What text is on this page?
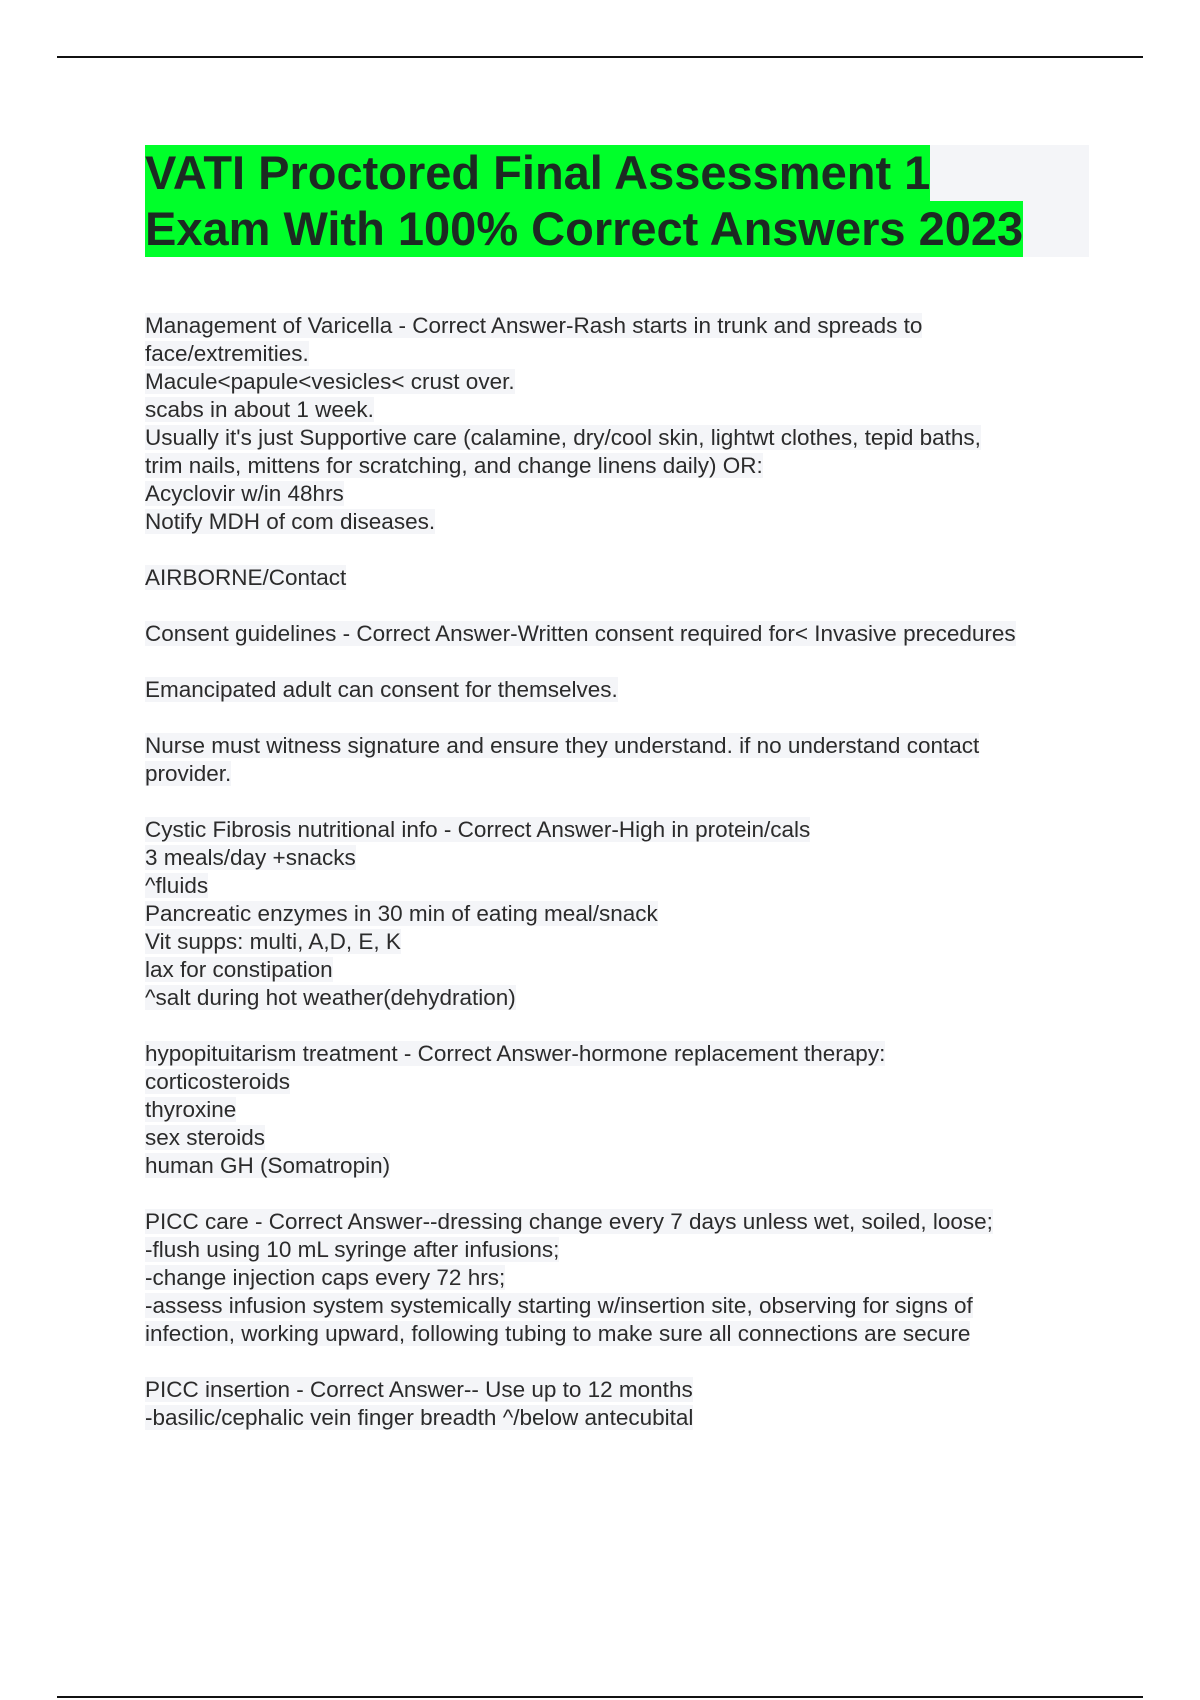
VATI Proctored Final Assessment 1
Exam With 100% Correct Answers 2023
Management of Varicella - Correct Answer-Rash starts in trunk and spreads to
face/extremities.
Macule<papule<vesicles< crust over.
scabs in about 1 week.
Usually it's just Supportive care (calamine, dry/cool skin, lightwt clothes, tepid baths,
trim nails, mittens for scratching, and change linens daily) OR:
Acyclovir w/in 48hrs
Notify MDH of com diseases.
AIRBORNE/Contact
Consent guidelines - Correct Answer-Written consent required for< Invasive precedures
Emancipated adult can consent for themselves.
Nurse must witness signature and ensure they understand. if no understand contact
provider.
Cystic Fibrosis nutritional info - Correct Answer-High in protein/cals
3 meals/day +snacks
^fluids
Pancreatic enzymes in 30 min of eating meal/snack
Vit supps: multi, A,D, E, K
lax for constipation
^salt during hot weather(dehydration)
hypopituitarism treatment - Correct Answer-hormone replacement therapy:
corticosteroids
thyroxine
sex steroids
human GH (Somatropin)
PICC care - Correct Answer--dressing change every 7 days unless wet, soiled, loose;
-flush using 10 mL syringe after infusions;
-change injection caps every 72 hrs;
-assess infusion system systemically starting w/insertion site, observing for signs of
infection, working upward, following tubing to make sure all connections are secure
PICC insertion - Correct Answer-- Use up to 12 months
-basilic/cephalic vein finger breadth ^/below antecubital
